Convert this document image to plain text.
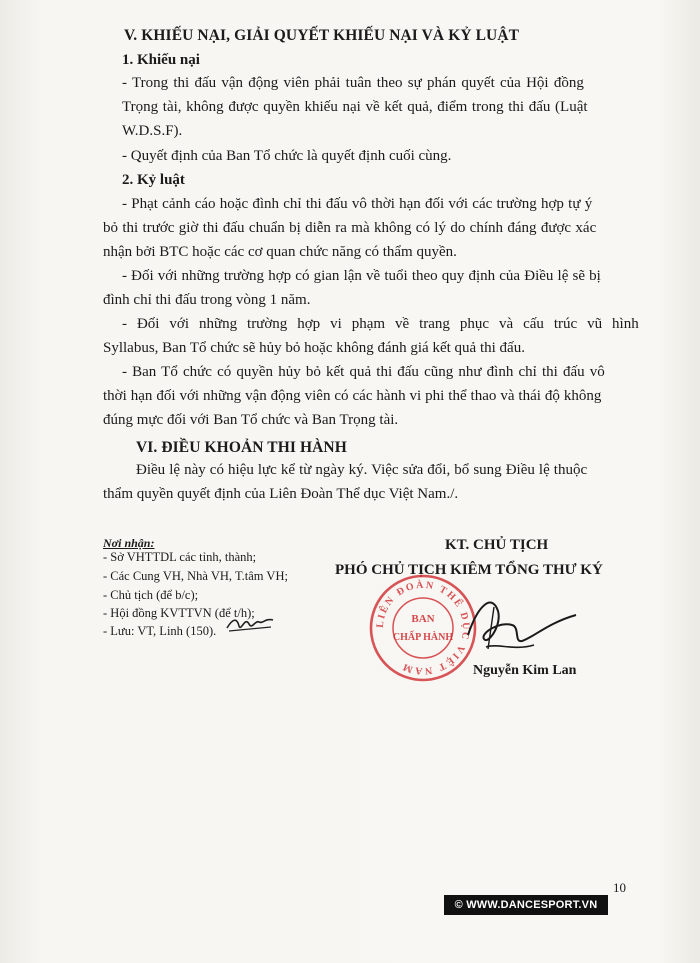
V. KHIẾU NẠI, GIẢI QUYẾT KHIẾU NẠI VÀ KỶ LUẬT
1. Khiếu nại
- Trong thi đấu vận động viên phải tuân theo sự phán quyết của Hội đồng
Trọng tài, không được quyền khiếu nại về kết quả, điểm trong thi đấu (Luật
W.D.S.F).
- Quyết định của Ban Tổ chức là quyết định cuối cùng.
2. Kỷ luật
- Phạt cảnh cáo hoặc đình chỉ thi đấu vô thời hạn đối với các trường hợp tự ý
bỏ thi trước giờ thi đấu chuẩn bị diễn ra mà không có lý do chính đáng được xác
nhận bởi BTC hoặc các cơ quan chức năng có thẩm quyền.
- Đối với những trường hợp có gian lận về tuổi theo quy định của Điều lệ sẽ bị
đình chỉ thi đấu trong vòng 1 năm.
- Đối với những trường hợp vi phạm về trang phục và cấu trúc vũ hình
Syllabus, Ban Tổ chức sẽ hủy bỏ hoặc không đánh giá kết quả thi đấu.
- Ban Tổ chức có quyền hủy bỏ kết quả thi đấu cũng như đình chỉ thi đấu vô
thời hạn đối với những vận động viên có các hành vi phi thể thao và thái độ không
đúng mực đối với Ban Tổ chức và Ban Trọng tài.
VI. ĐIỀU KHOẢN THI HÀNH
Điều lệ này có hiệu lực kể từ ngày ký. Việc sửa đổi, bổ sung Điều lệ thuộc
thẩm quyền quyết định của Liên Đoàn Thể dục Việt Nam./.
Nơi nhận:
- Sở VHTTDL các tỉnh, thành;
- Các Cung VH, Nhà VH, T.tâm VH;
- Chủ tịch (để b/c);
- Hội đồng KVTTVN (để t/h);
- Lưu: VT, Linh (150).
KT. CHỦ TỊCH
PHÓ CHỦ TỊCH KIÊM TỔNG THƯ KÝ
LIÊN ĐOÀN THỂ DỤC VIỆT NAM
BAN
CHẤP HÀNH
Nguyễn Kim Lan
10
© WWW.DANCESPORT.VN
